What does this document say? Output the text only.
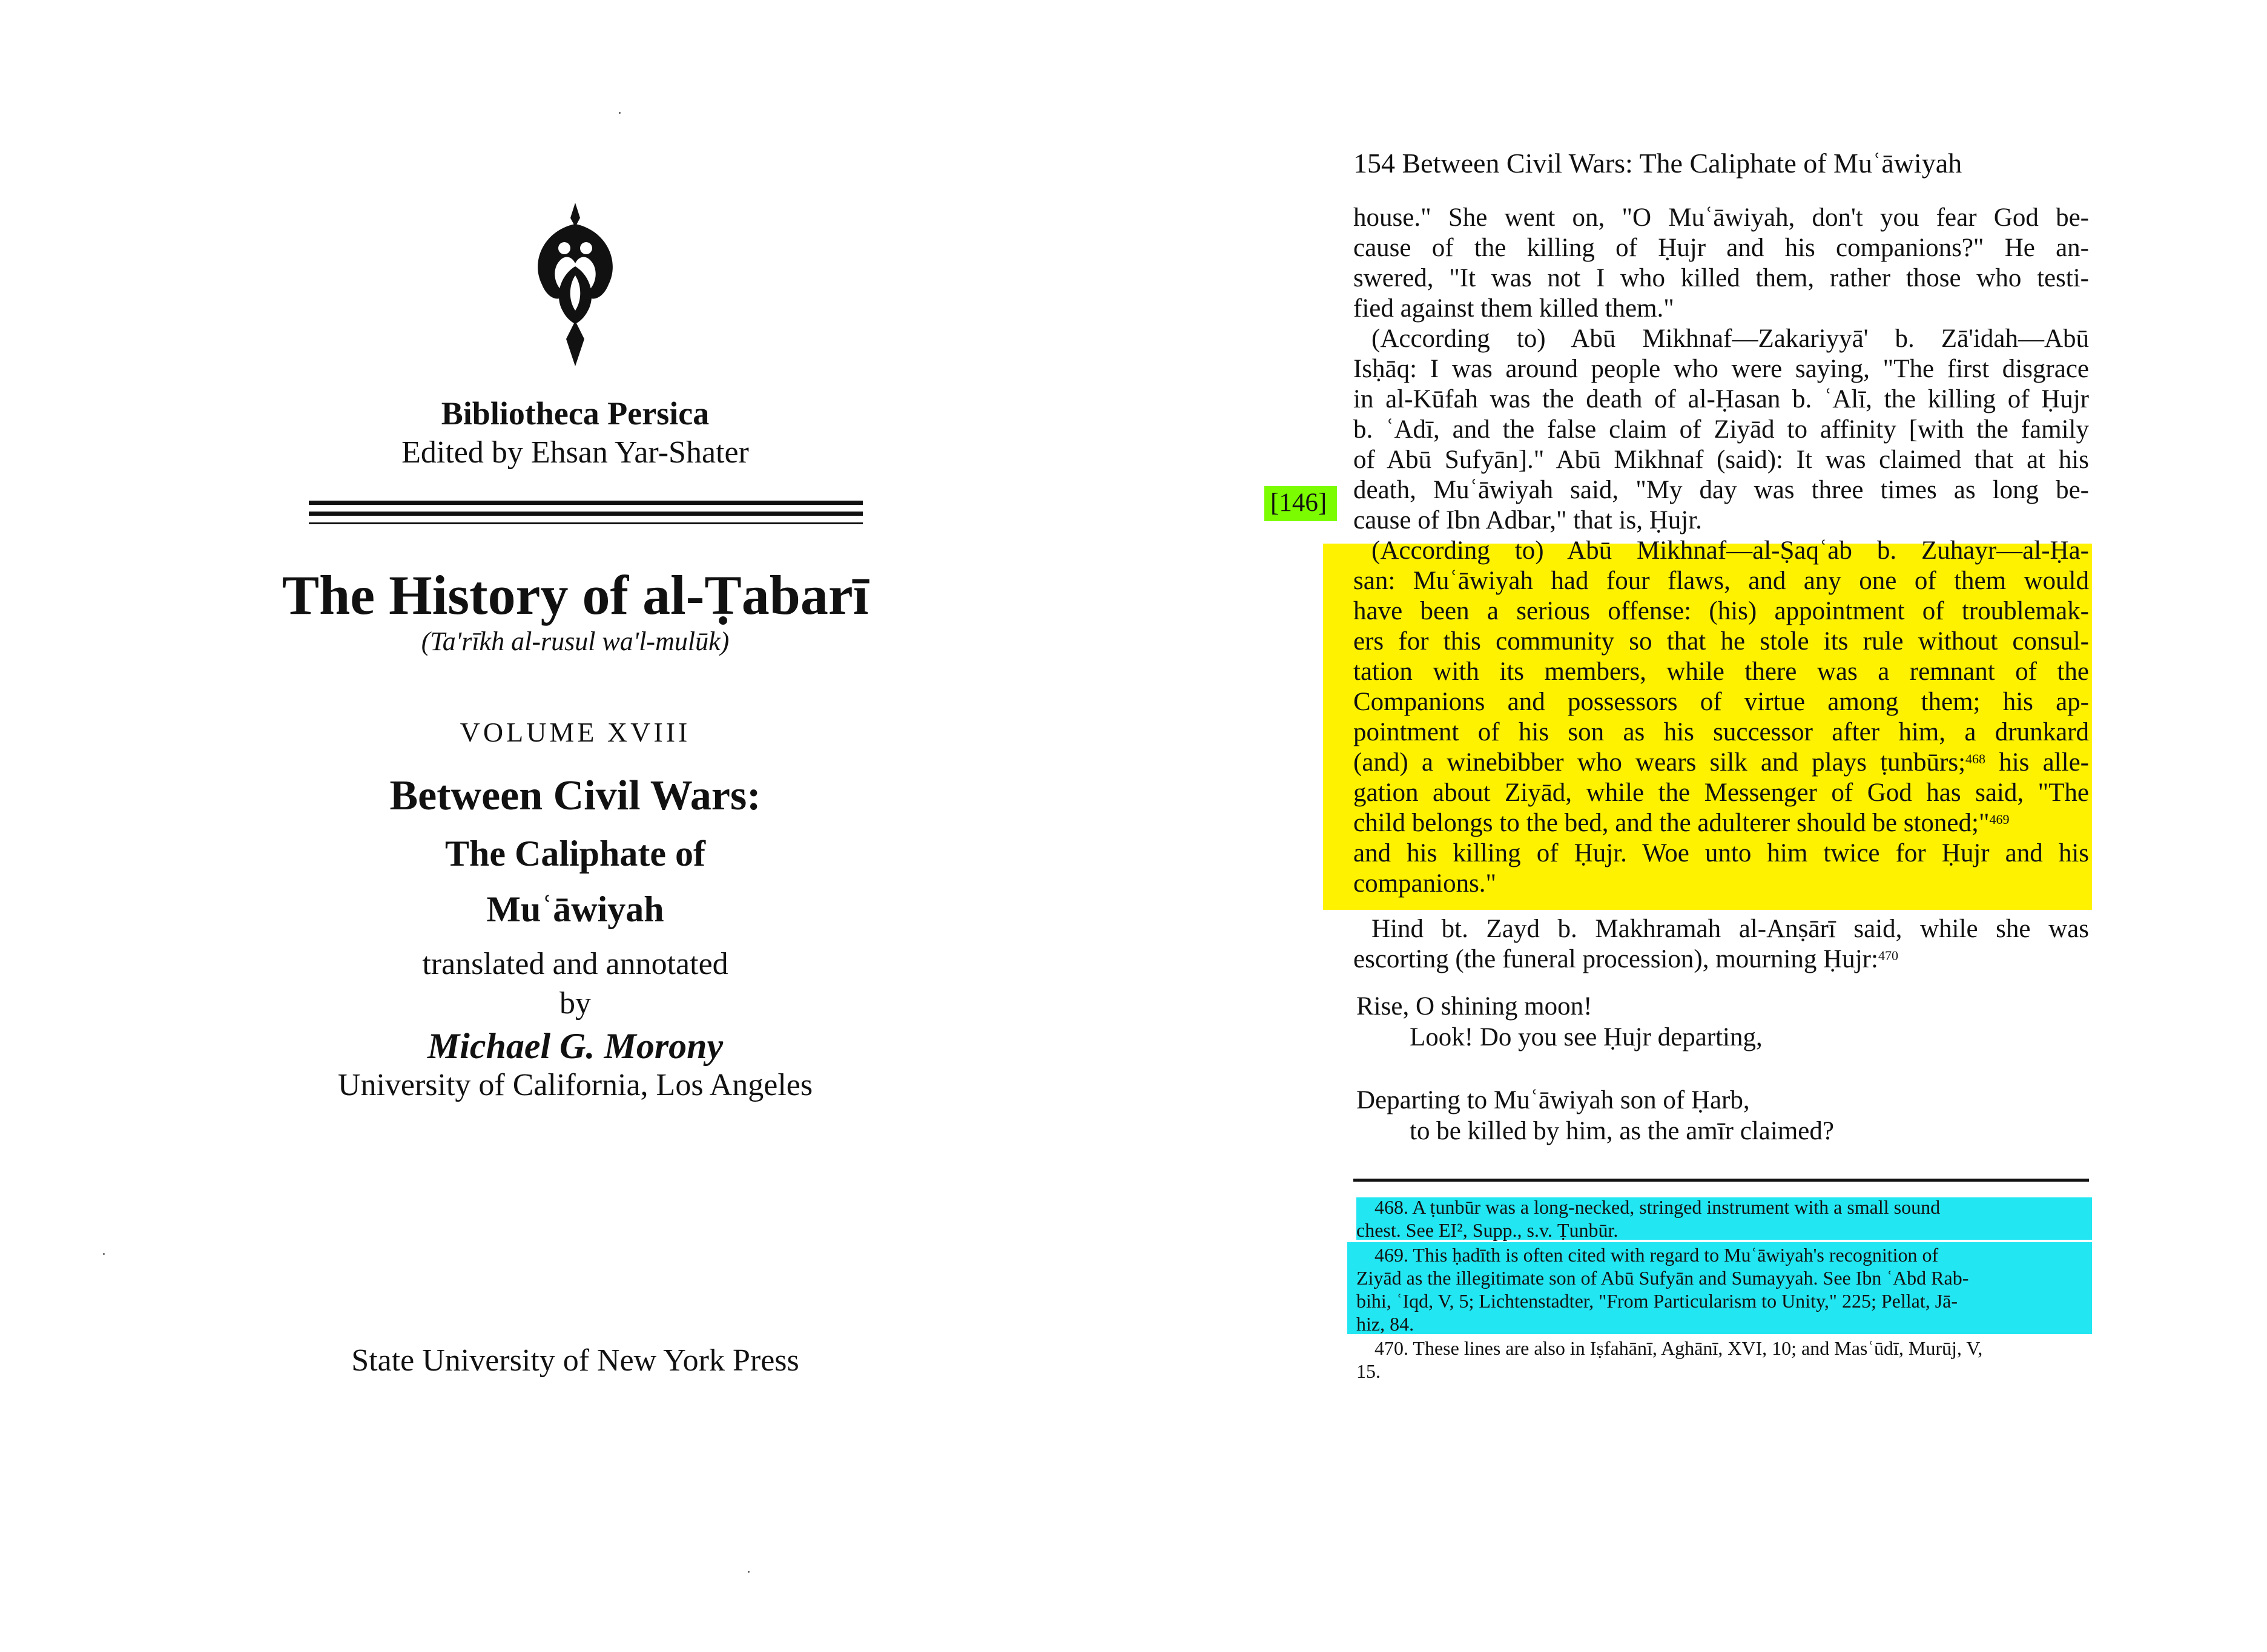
Bibliotheca Persica
Edited by Ehsan Yar-Shater
The History of al-Ṭabarī
(Ta'rīkh al-rusul wa'l-mulūk)
VOLUME XVIII
Between Civil Wars:
The Caliphate of
Muʿāwiyah
translated and annotated
by
Michael G. Morony
University of California, Los Angeles
State University of New York Press
154 Between Civil Wars: The Caliphate of Muʿāwiyah
[146]
house." She went on, "O Muʿāwiyah, don't you fear God be-
cause of the killing of Ḥujr and his companions?" He an-
swered, "It was not I who killed them, rather those who testi-
fied against them killed them."
(According to) Abū Mikhnaf—Zakariyyā' b. Zā'idah—Abū
Isḥāq: I was around people who were saying, "The first disgrace
in al-Kūfah was the death of al-Ḥasan b. ʿAlī, the killing of Ḥujr
b. ʿAdī, and the false claim of Ziyād to affinity [with the family
of Abū Sufyān]." Abū Mikhnaf (said): It was claimed that at his
death, Muʿāwiyah said, "My day was three times as long be-
cause of Ibn Adbar," that is, Ḥujr.
(According to) Abū Mikhnaf—al-Ṣaqʿab b. Zuhayr—al-Ḥa-
san: Muʿāwiyah had four flaws, and any one of them would
have been a serious offense: (his) appointment of troublemak-
ers for this community so that he stole its rule without consul-
tation with its members, while there was a remnant of the
Companions and possessors of virtue among them; his ap-
pointment of his son as his successor after him, a drunkard
(and) a winebibber who wears silk and plays ṭunbūrs;$^{468}$ his alle-
gation about Ziyād, while the Messenger of God has said, "The
child belongs to the bed, and the adulterer should be stoned;"$^{469}$
and his killing of Ḥujr. Woe unto him twice for Ḥujr and his
companions."
Hind bt. Zayd b. Makhramah al-Anṣārī said, while she was
escorting (the funeral procession), mourning Ḥujr:$^{470}$
Rise, O shining moon!
Look! Do you see Ḥujr departing,
Departing to Muʿāwiyah son of Ḥarb,
to be killed by him, as the amīr claimed?
468. A ṭunbūr was a long-necked, stringed instrument with a small sound
chest. See EI², Supp., s.v. Ṭunbūr.
469. This ḥadīth is often cited with regard to Muʿāwiyah's recognition of
Ziyād as the illegitimate son of Abū Sufyān and Sumayyah. See Ibn ʿAbd Rab-
bihi, ʿIqd, V, 5; Lichtenstadter, "From Particularism to Unity," 225; Pellat, Jā-
hiz, 84.
470. These lines are also in Iṣfahānī, Aghānī, XVI, 10; and Masʿūdī, Murūj, V,
15.
